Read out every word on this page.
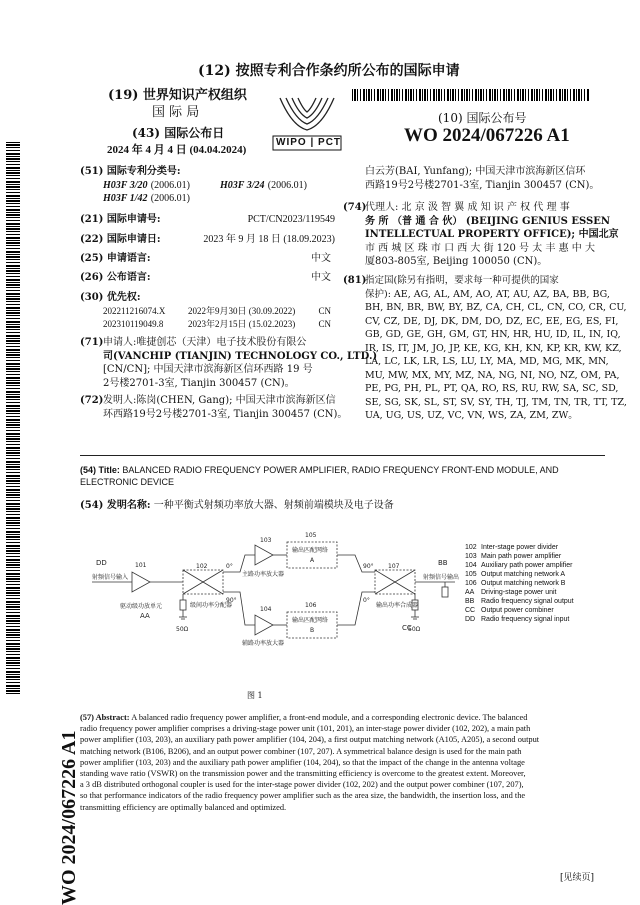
(12) 按照专利合作条约所公布的国际申请
(19) 世界知识产权组织
国 际 局
(43) 国际公布日
2024 年 4 月 4 日 (04.04.2024)
WIPO | PCT
(10) 国际公布号
WO 2024/067226 A1
(51) 国际专利分类号:
H03F 3/20 (2006.01)	H03F 3/24 (2006.01)
H03F 1/42 (2006.01)
(21) 国际申请号:	PCT/CN2023/119549
(22) 国际申请日:	2023 年 9 月 18 日 (18.09.2023)
(25) 申请语言:	中文
(26) 公布语言:	中文
(30) 优先权:
202211216074.X	2022年9月30日 (30.09.2022)	CN
202310119049.8	2023年2月15日 (15.02.2023)	CN
(71) 申请人:唯捷创芯（天津）电子技术股份有限公
司(VANCHIP (TIANJIN) TECHNOLOGY CO., LTD.)
[CN/CN]; 中国天津市滨海新区信环西路 19 号
2号楼2701-3室, Tianjin 300457 (CN)。
(72) 发明人:陈岗(CHEN, Gang); 中国天津市滨海新区信
环西路19号2号楼2701-3室, Tianjin 300457 (CN)。
白云芳(BAI, Yunfang); 中国天津市滨海新区信环
西路19号2号楼2701-3室, Tianjin 300457 (CN)。
(74)
代理人: 北 京 汲 智 翼 成 知 识 产 权 代 理 事
务 所 （普 通 合 伙） (BEIJING GENIUS ESSEN
INTELLECTUAL PROPERTY OFFICE); 中国北京
市 西 城 区 珠 市 口 西 大 街 120 号 太 丰 惠 中 大
厦803-805室, Beijing 100050 (CN)。
(81)
指定国(除另有指明，要求每一种可提供的国家
保护): AE, AG, AL, AM, AO, AT, AU, AZ, BA, BB, BG,
BH, BN, BR, BW, BY, BZ, CA, CH, CL, CN, CO, CR, CU,
CV, CZ, DE, DJ, DK, DM, DO, DZ, EC, EE, EG, ES, FI,
GB, GD, GE, GH, GM, GT, HN, HR, HU, ID, IL, IN, IQ,
IR, IS, IT, JM, JO, JP, KE, KG, KH, KN, KP, KR, KW, KZ,
LA, LC, LK, LR, LS, LU, LY, MA, MD, MG, MK, MN,
MU, MW, MX, MY, MZ, NA, NG, NI, NO, NZ, OM, PA,
PE, PG, PH, PL, PT, QA, RO, RS, RU, RW, SA, SC, SD,
SE, SG, SK, SL, ST, SV, SY, TH, TJ, TM, TN, TR, TT, TZ,
UA, UG, US, UZ, VC, VN, WS, ZA, ZM, ZW。
(54) Title: BALANCED RADIO FREQUENCY POWER AMPLIFIER, RADIO FREQUENCY FRONT-END MODULE, AND
ELECTRONIC DEVICE
(54) 发明名称: 一种平衡式射频功率放大器、射频前端模块及电子设备
DD	BB
AA
CC
101	102
103
104
105
106
107
射频信号输入	射频信号输出
驱动级功放单元	级间功率分配器
主路功率放大器
辅路功率放大器
输出匹配网络
A
输出匹配网络
B
输出功率合成器
0°
90°
90°
0°
50Ω	50Ω
102 Inter-stage power divider
103 Main path power amplifier
104 Auxiliary path power amplifier
105 Output matching network A
106 Output matching network B
AA Driving-stage power unit
BB Radio frequency signal output
CC Output power combiner
DD Radio frequency signal input
图 1
(57) Abstract: A balanced radio frequency power amplifier, a front-end module, and a corresponding electronic device. The balanced
radio frequency power amplifier comprises a driving-stage power unit (101, 201), an inter-stage power divider (102, 202), a main path
power amplifier (103, 203), an auxiliary path power amplifier (104, 204), a first output matching network (A105, A205), a second output
matching network (B106, B206), and an output power combiner (107, 207). A symmetrical balance design is used for the main path
power amplifier (103, 203) and the auxiliary path power amplifier (104, 204), so that the impact of the change in the antenna voltage
standing wave ratio (VSWR) on the transmission power and the transmitting efficiency is overcome to the greatest extent. Moreover,
a 3 dB distributed orthogonal coupler is used for the inter-stage power divider (102, 202) and the output power combiner (107, 207),
so that performance indicators of the radio frequency power amplifier such as the area size, the bandwidth, the insertion loss, and the
transmitting efficiency are optimally balanced and optimized.
WO 2024/067226 A1	[见续页]
